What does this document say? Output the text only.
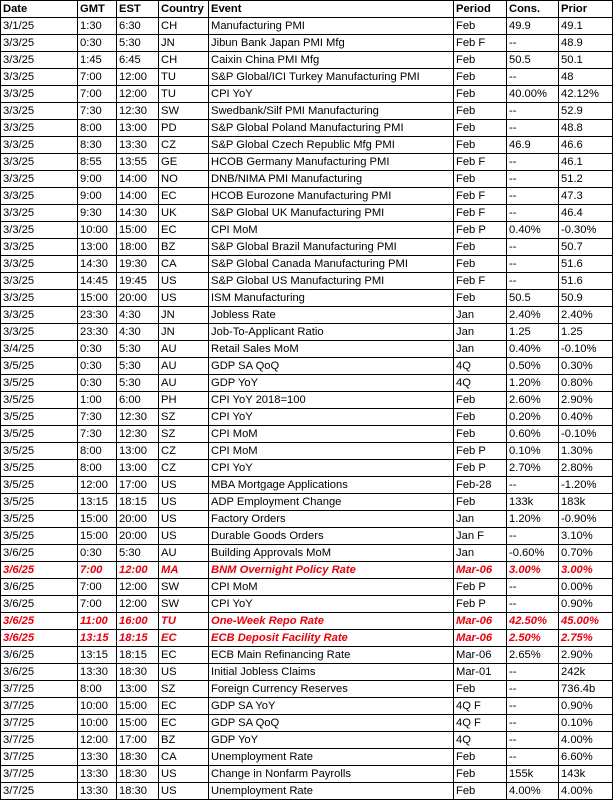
Date	GMT	EST	Country	Event	Period	Cons.	Prior
3/1/25	1:30	6:30	CH	Manufacturing PMI	Feb	49.9	49.1
3/3/25	0:30	5:30	JN	Jibun Bank Japan PMI Mfg	Feb F	--	48.9
3/3/25	1:45	6:45	CH	Caixin China PMI Mfg	Feb	50.5	50.1
3/3/25	7:00	12:00	TU	S&P Global/ICI Turkey Manufacturing PMI	Feb	--	48
3/3/25	7:00	12:00	TU	CPI YoY	Feb	40.00%	42.12%
3/3/25	7:30	12:30	SW	Swedbank/Silf PMI Manufacturing	Feb	--	52.9
3/3/25	8:00	13:00	PD	S&P Global Poland Manufacturing PMI	Feb	--	48.8
3/3/25	8:30	13:30	CZ	S&P Global Czech Republic Mfg PMI	Feb	46.9	46.6
3/3/25	8:55	13:55	GE	HCOB Germany Manufacturing PMI	Feb F	--	46.1
3/3/25	9:00	14:00	NO	DNB/NIMA PMI Manufacturing	Feb	--	51.2
3/3/25	9:00	14:00	EC	HCOB Eurozone Manufacturing PMI	Feb F	--	47.3
3/3/25	9:30	14:30	UK	S&P Global UK Manufacturing PMI	Feb F	--	46.4
3/3/25	10:00	15:00	EC	CPI MoM	Feb P	0.40%	-0.30%
3/3/25	13:00	18:00	BZ	S&P Global Brazil Manufacturing PMI	Feb	--	50.7
3/3/25	14:30	19:30	CA	S&P Global Canada Manufacturing PMI	Feb	--	51.6
3/3/25	14:45	19:45	US	S&P Global US Manufacturing PMI	Feb F	--	51.6
3/3/25	15:00	20:00	US	ISM Manufacturing	Feb	50.5	50.9
3/3/25	23:30	4:30	JN	Jobless Rate	Jan	2.40%	2.40%
3/3/25	23:30	4:30	JN	Job-To-Applicant Ratio	Jan	1.25	1.25
3/4/25	0:30	5:30	AU	Retail Sales MoM	Jan	0.40%	-0.10%
3/5/25	0:30	5:30	AU	GDP SA QoQ	4Q	0.50%	0.30%
3/5/25	0:30	5:30	AU	GDP YoY	4Q	1.20%	0.80%
3/5/25	1:00	6:00	PH	CPI YoY 2018=100	Feb	2.60%	2.90%
3/5/25	7:30	12:30	SZ	CPI YoY	Feb	0.20%	0.40%
3/5/25	7:30	12:30	SZ	CPI MoM	Feb	0.60%	-0.10%
3/5/25	8:00	13:00	CZ	CPI MoM	Feb P	0.10%	1.30%
3/5/25	8:00	13:00	CZ	CPI YoY	Feb P	2.70%	2.80%
3/5/25	12:00	17:00	US	MBA Mortgage Applications	Feb-28	--	-1.20%
3/5/25	13:15	18:15	US	ADP Employment Change	Feb	133k	183k
3/5/25	15:00	20:00	US	Factory Orders	Jan	1.20%	-0.90%
3/5/25	15:00	20:00	US	Durable Goods Orders	Jan F	--	3.10%
3/6/25	0:30	5:30	AU	Building Approvals MoM	Jan	-0.60%	0.70%
3/6/25	7:00	12:00	MA	BNM Overnight Policy Rate	Mar-06	3.00%	3.00%
3/6/25	7:00	12:00	SW	CPI MoM	Feb P	--	0.00%
3/6/25	7:00	12:00	SW	CPI YoY	Feb P	--	0.90%
3/6/25	11:00	16:00	TU	One-Week Repo Rate	Mar-06	42.50%	45.00%
3/6/25	13:15	18:15	EC	ECB Deposit Facility Rate	Mar-06	2.50%	2.75%
3/6/25	13:15	18:15	EC	ECB Main Refinancing Rate	Mar-06	2.65%	2.90%
3/6/25	13:30	18:30	US	Initial Jobless Claims	Mar-01	--	242k
3/7/25	8:00	13:00	SZ	Foreign Currency Reserves	Feb	--	736.4b
3/7/25	10:00	15:00	EC	GDP SA YoY	4Q F	--	0.90%
3/7/25	10:00	15:00	EC	GDP SA QoQ	4Q F	--	0.10%
3/7/25	12:00	17:00	BZ	GDP YoY	4Q	--	4.00%
3/7/25	13:30	18:30	CA	Unemployment Rate	Feb	--	6.60%
3/7/25	13:30	18:30	US	Change in Nonfarm Payrolls	Feb	155k	143k
3/7/25	13:30	18:30	US	Unemployment Rate	Feb	4.00%	4.00%
